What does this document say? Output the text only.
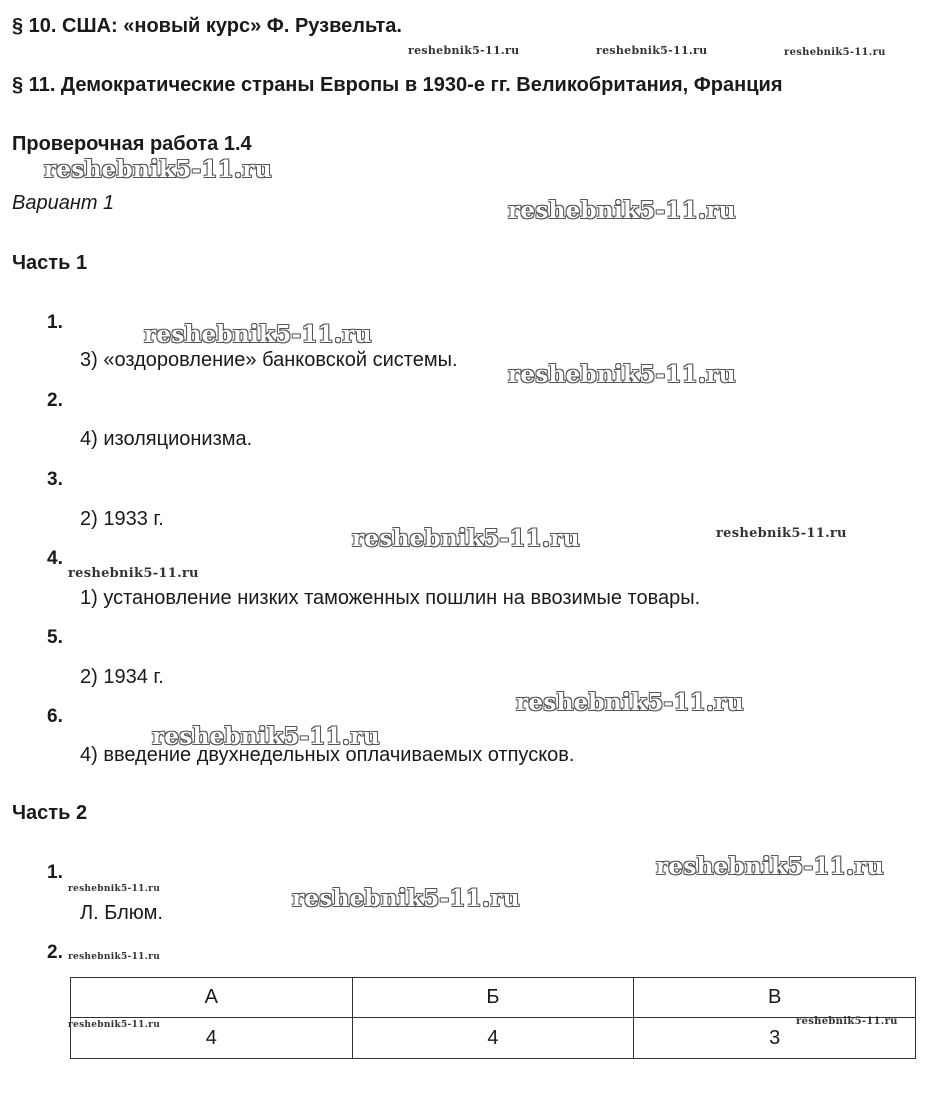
§ 10. США: «новый курс» Ф. Рузвельта.
§ 11. Демократические страны Европы в 1930-е гг. Великобритания, Франция
Проверочная работа 1.4
Вариант 1
Часть 1
1.
3) «оздоровление» банковской системы.
2.
4) изоляционизма.
3.
2) 1933 г.
4.
1) установление низких таможенных пошлин на ввозимые товары.
5.
2) 1934 г.
6.
4) введение двухнедельных оплачиваемых отпусков.
Часть 2
1.
Л. Блюм.
2.
А	Б	В
4	4	3
reshebnik5-11.ru	reshebnik5-11.ru	reshebnik5-11.ru
reshebnik5-11.ru
reshebnik5-11.ru
reshebnik5-11.ru
reshebnik5-11.ru
reshebnik5-11.ru	reshebnik5-11.ru
reshebnik5-11.ru
reshebnik5-11.ru
reshebnik5-11.ru
reshebnik5-11.ru
reshebnik5-11.ru	reshebnik5-11.ru
reshebnik5-11.ru
reshebnik5-11.ru	reshebnik5-11.ru
